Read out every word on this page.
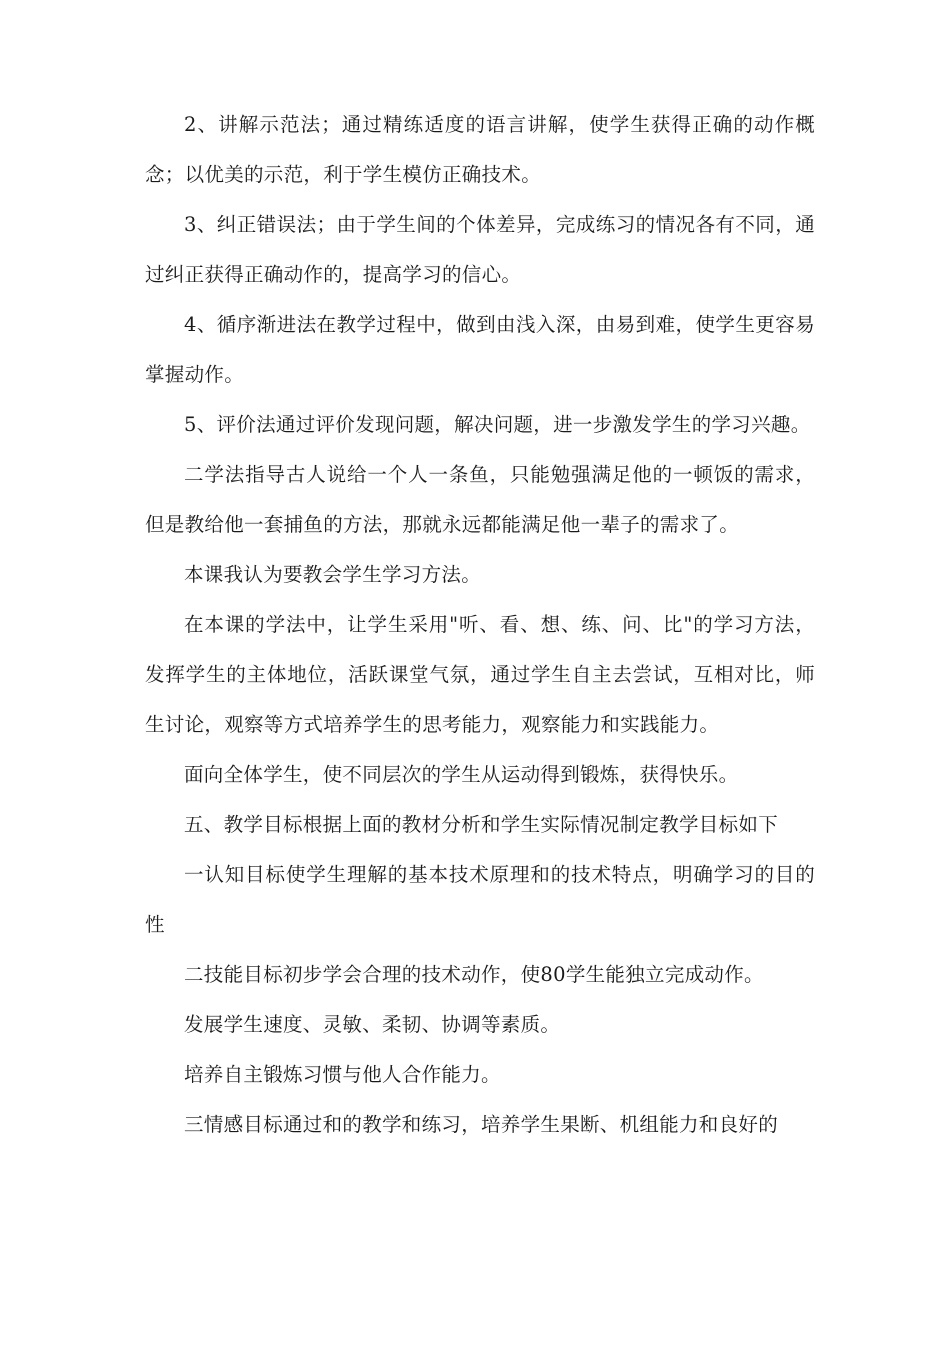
2、讲解示范法；通过精练适度的语言讲解，使学生获得正确的动作概念；以优美的示范，利于学生模仿正确技术。

3、纠正错误法；由于学生间的个体差异，完成练习的情况各有不同，通过纠正获得正确动作的，提高学习的信心。

4、循序渐进法在教学过程中，做到由浅入深，由易到难，使学生更容易掌握动作。

5、评价法通过评价发现问题，解决问题，进一步激发学生的学习兴趣。

二学法指导古人说给一个人一条鱼，只能勉强满足他的一顿饭的需求，但是教给他一套捕鱼的方法，那就永远都能满足他一辈子的需求了。

本课我认为要教会学生学习方法。

在本课的学法中，让学生采用"听、看、想、练、问、比"的学习方法，发挥学生的主体地位，活跃课堂气氛，通过学生自主去尝试，互相对比，师生讨论，观察等方式培养学生的思考能力，观察能力和实践能力。

面向全体学生，使不同层次的学生从运动得到锻炼，获得快乐。

五、教学目标根据上面的教材分析和学生实际情况制定教学目标如下

一认知目标使学生理解的基本技术原理和的技术特点，明确学习的目的性

二技能目标初步学会合理的技术动作，使80学生能独立完成动作。

发展学生速度、灵敏、柔韧、协调等素质。

培养自主锻炼习惯与他人合作能力。

三情感目标通过和的教学和练习，培养学生果断、机组能力和良好的
